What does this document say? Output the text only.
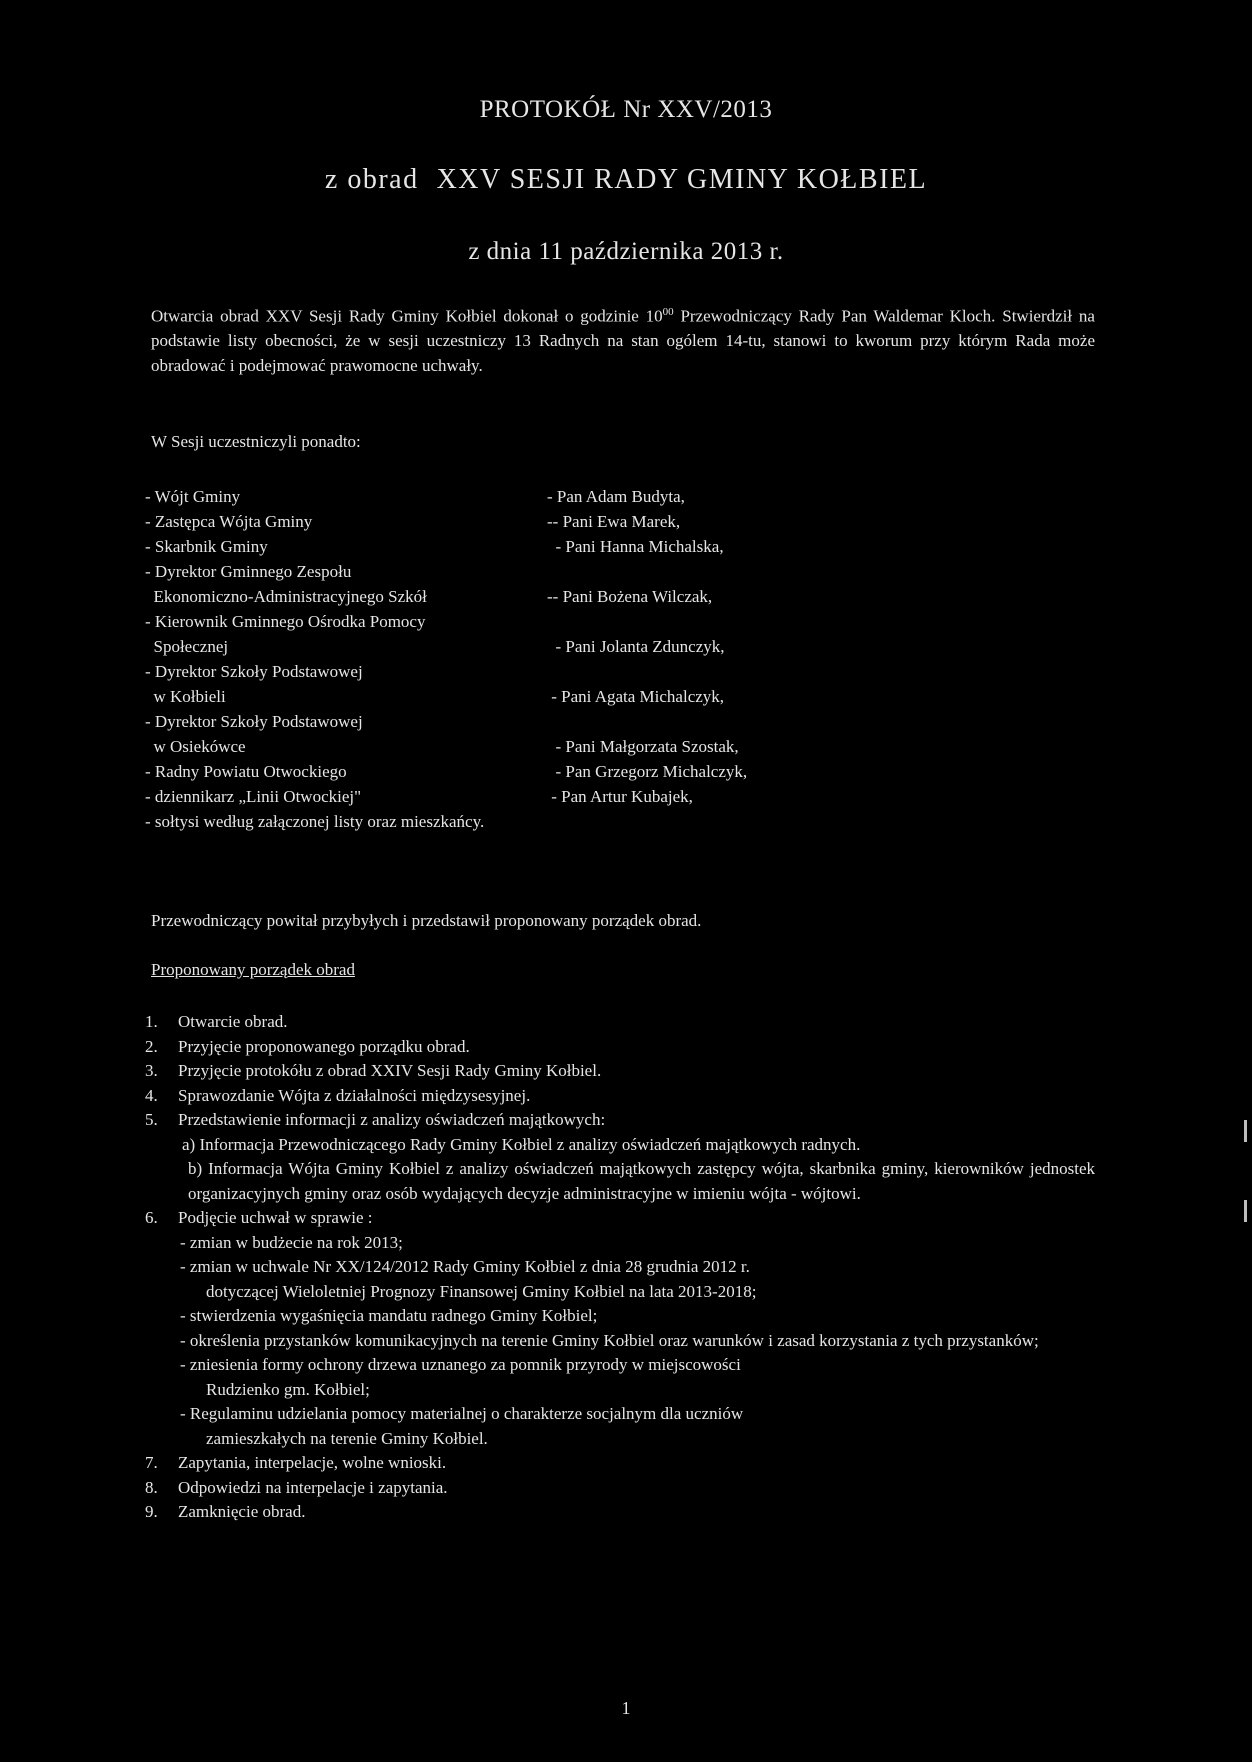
PROTOKÓŁ Nr XXV/2013
z obrad XXV SESJI RADY GMINY KOŁBIEL
z dnia 11 października 2013 r.
Otwarcia obrad XXV Sesji Rady Gminy Kołbiel dokonał o godzinie $10^{00}$ Przewodniczący Rady Pan Waldemar Kloch. Stwierdził na podstawie listy obecności, że w sesji uczestniczy 13 Radnych na stan ogólem 14-tu, stanowi to kworum przy którym Rada może obradować i podejmować prawomocne uchwały.
W Sesji uczestniczyli ponadto:
- Wójt Gminy	- Pan Adam Budyta,
- Zastępca Wójta Gminy	-- Pani Ewa Marek,
- Skarbnik Gminy	- Pani Hanna Michalska,
- Dyrektor Gminnego Zespołu
Ekonomiczno-Administracyjnego Szkół	-- Pani Bożena Wilczak,
- Kierownik Gminnego Ośrodka Pomocy
Społecznej	- Pani Jolanta Zdunczyk,
- Dyrektor Szkoły Podstawowej
w Kołbieli	- Pani Agata Michalczyk,
- Dyrektor Szkoły Podstawowej
w Osiekówce	- Pani Małgorzata Szostak,
- Radny Powiatu Otwockiego	- Pan Grzegorz Michalczyk,
- dziennikarz „Linii Otwockiej"	- Pan Artur Kubajek,
- sołtysi według załączonej listy oraz mieszkańcy.
Przewodniczący powitał przybyłych i przedstawił proponowany porządek obrad.
Proponowany porządek obrad
1. Otwarcie obrad.
2. Przyjęcie proponowanego porządku obrad.
3. Przyjęcie protokółu z obrad XXIV Sesji Rady Gminy Kołbiel.
4. Sprawozdanie Wójta z działalności międzysesyjnej.
5. Przedstawienie informacji z analizy oświadczeń majątkowych:
a) Informacja Przewodniczącego Rady Gminy Kołbiel z analizy oświadczeń majątkowych radnych.
b) Informacja Wójta Gminy Kołbiel z analizy oświadczeń majątkowych zastępcy wójta, skarbnika gminy, kierowników jednostek organizacyjnych gminy oraz osób wydających decyzje administracyjne w imieniu wójta - wójtowi.
6. Podjęcie uchwał w sprawie :
- zmian w budżecie na rok 2013;
- zmian w uchwale Nr XX/124/2012 Rady Gminy Kołbiel z dnia 28 grudnia 2012 r.
dotyczącej Wieloletniej Prognozy Finansowej Gminy Kołbiel na lata 2013-2018;
- stwierdzenia wygaśnięcia mandatu radnego Gminy Kołbiel;
- określenia przystanków komunikacyjnych na terenie Gminy Kołbiel oraz warunków i zasad korzystania z tych przystanków;
- zniesienia formy ochrony drzewa uznanego za pomnik przyrody w miejscowości
Rudzienko gm. Kołbiel;
- Regulaminu udzielania pomocy materialnej o charakterze socjalnym dla uczniów
zamieszkałych na terenie Gminy Kołbiel.
7. Zapytania, interpelacje, wolne wnioski.
8. Odpowiedzi na interpelacje i zapytania.
9. Zamknięcie obrad.
1
